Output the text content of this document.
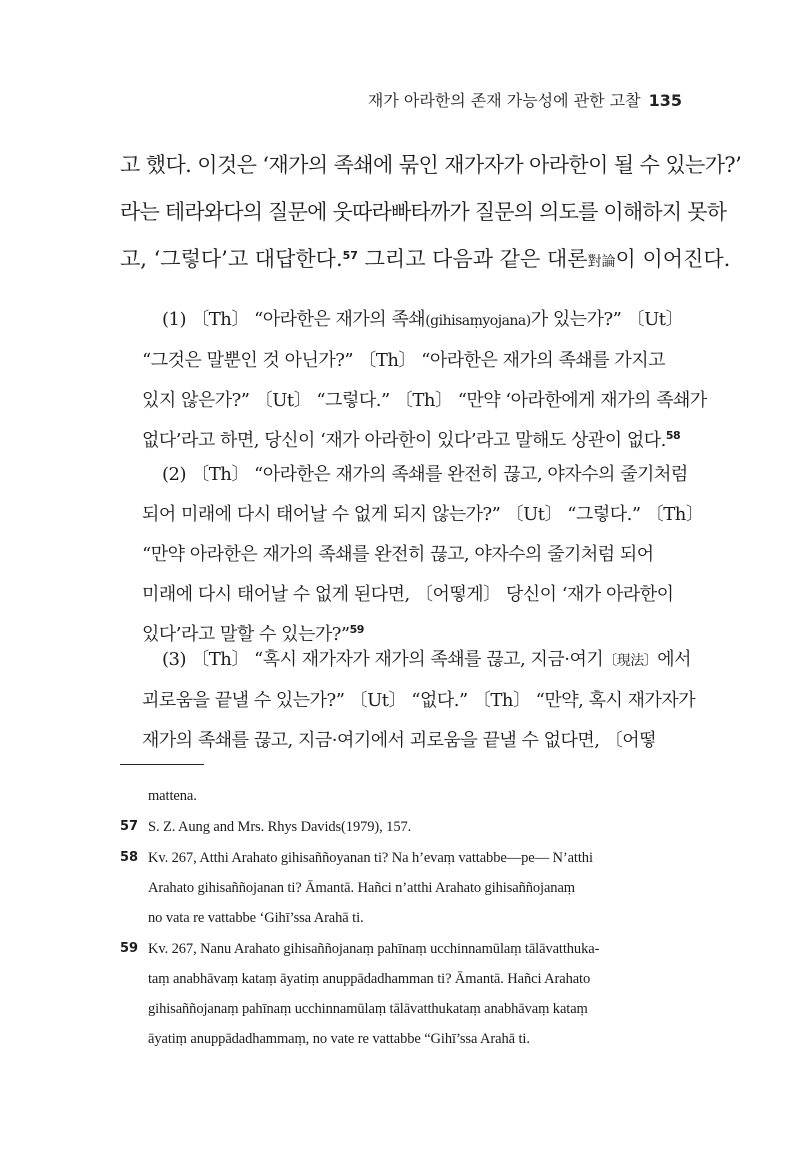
재가 아라한의 존재 가능성에 관한 고찰 135
고 했다. 이것은 ‘재가의 족쇄에 묶인 재가자가 아라한이 될 수 있는가?’
라는 테라와다의 질문에 웃따라빠타까가 질문의 의도를 이해하지 못하
고, ‘그렇다’고 대답한다.$^{57}$ 그리고 다음과 같은 대론對論이 이어진다.
(1) 〔Th〕 “아라한은 재가의 족쇄(gihisaṃyojana)가 있는가?” 〔Ut〕
“그것은 말뿐인 것 아닌가?” 〔Th〕 “아라한은 재가의 족쇄를 가지고
있지 않은가?” 〔Ut〕 “그렇다.” 〔Th〕 “만약 ‘아라한에게 재가의 족쇄가
없다’라고 하면, 당신이 ‘재가 아라한이 있다’라고 말해도 상관이 없다.$^{58}$
(2) 〔Th〕 “아라한은 재가의 족쇄를 완전히 끊고, 야자수의 줄기처럼
되어 미래에 다시 태어날 수 없게 되지 않는가?” 〔Ut〕 “그렇다.” 〔Th〕
“만약 아라한은 재가의 족쇄를 완전히 끊고, 야자수의 줄기처럼 되어
미래에 다시 태어날 수 없게 된다면, 〔어떻게〕 당신이 ‘재가 아라한이
있다’라고 말할 수 있는가?”$^{59}$
(3) 〔Th〕 “혹시 재가자가 재가의 족쇄를 끊고, 지금·여기〔現法〕에서
괴로움을 끝낼 수 있는가?” 〔Ut〕 “없다.” 〔Th〕 “만약, 혹시 재가자가
재가의 족쇄를 끊고, 지금·여기에서 괴로움을 끝낼 수 없다면, 〔어떻
mattena.
57 S. Z. Aung and Mrs. Rhys Davids(1979), 157.
58 Kv. 267, Atthi Arahato gihisaññoyanan ti? Na h’evaṃ vattabbe—pe— N’atthi
Arahato gihisaññojanan ti? Āmantā. Hañci n’atthi Arahato gihisaññojanaṃ
no vata re vattabbe ‘Gihī’ssa Arahā ti.
59 Kv. 267, Nanu Arahato gihisaññojanaṃ pahīnaṃ ucchinnamūlaṃ tālāvatthuka-
taṃ anabhāvaṃ kataṃ āyatiṃ anuppādadhamman ti? Āmantā. Hañci Arahato
gihisaññojanaṃ pahīnaṃ ucchinnamūlaṃ tālāvatthukataṃ anabhāvaṃ kataṃ
āyatiṃ anuppādadhammaṃ, no vate re vattabbe “Gihī’ssa Arahā ti.
